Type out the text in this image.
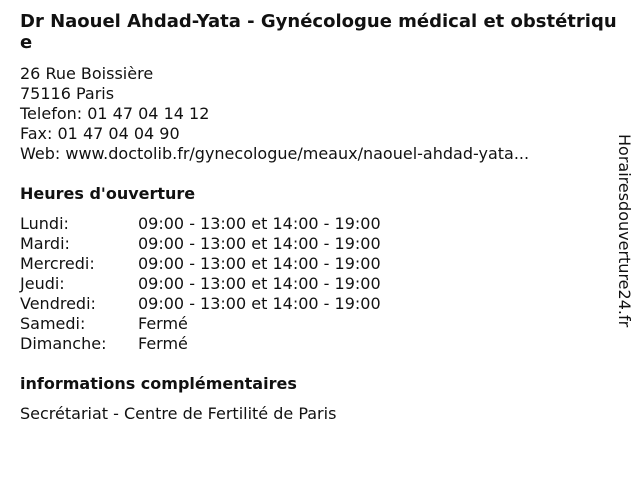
Dr Naouel Ahdad-Yata - Gynécologue médical et obstétrique
26 Rue Boissière
75116 Paris
Telefon: 01 47 04 14 12
Fax: 01 47 04 04 90
Web: www.doctolib.fr/gynecologue/meaux/naouel-ahdad-yata...
Heures d'ouverture
Lundi:	09:00 - 13:00 et 14:00 - 19:00
Mardi:	09:00 - 13:00 et 14:00 - 19:00
Mercredi:	09:00 - 13:00 et 14:00 - 19:00
Jeudi:	09:00 - 13:00 et 14:00 - 19:00
Vendredi:	09:00 - 13:00 et 14:00 - 19:00
Samedi:	Fermé
Dimanche:	Fermé
informations complémentaires
Secrétariat - Centre de Fertilité de Paris
Horairesdouverture24.fr
